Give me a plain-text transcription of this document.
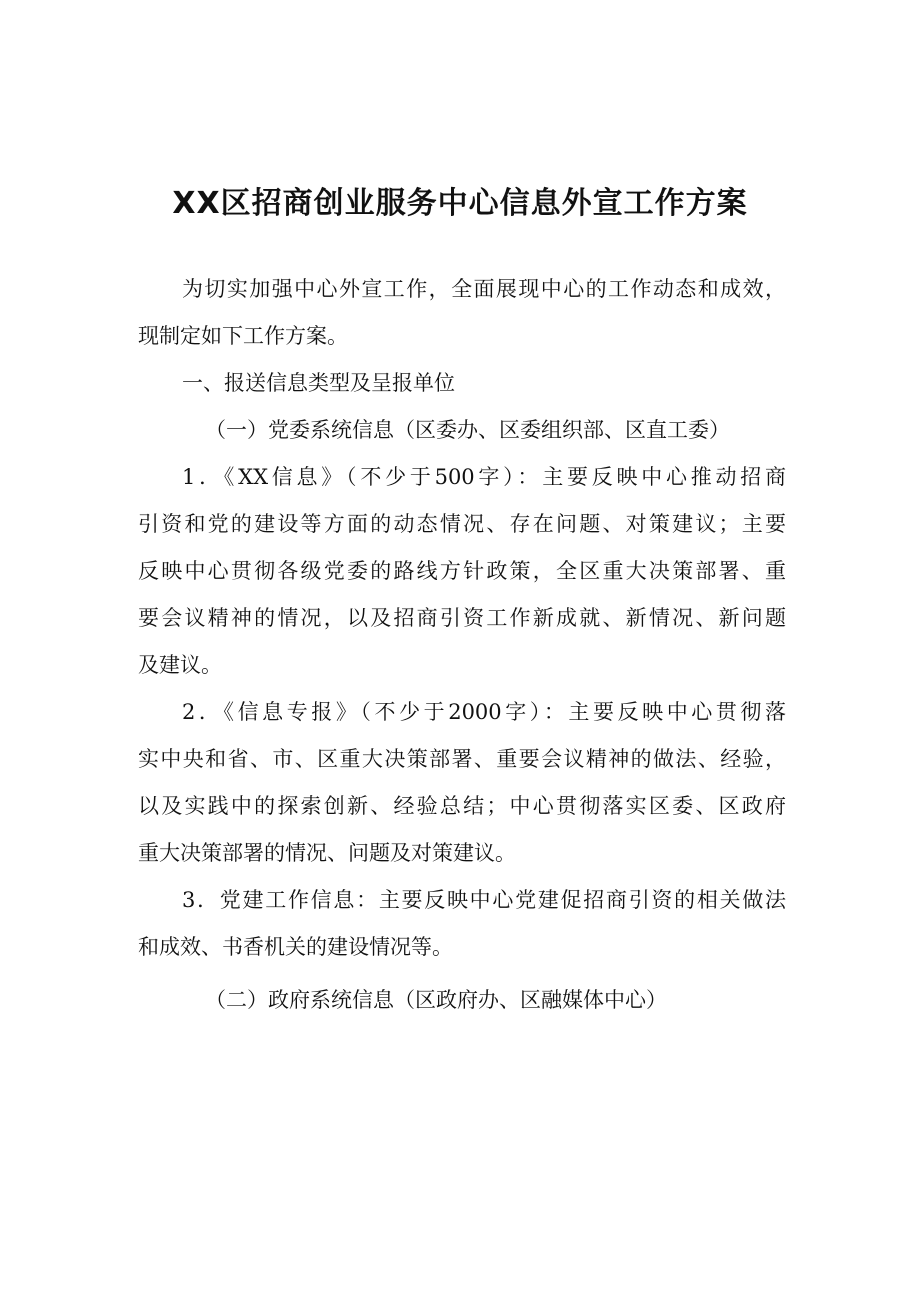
XX区招商创业服务中心信息外宣工作方案

为切实加强中心外宣工作，全面展现中心的工作动态和成效，

现制定如下工作方案。

一、报送信息类型及呈报单位

（一）党委系统信息（区委办、区委组织部、区直工委）

1．《XX信息》（不少于500字）：主要反映中心推动招商

引资和党的建设等方面的动态情况、存在问题、对策建议；主要

反映中心贯彻各级党委的路线方针政策，全区重大决策部署、重

要会议精神的情况，以及招商引资工作新成就、新情况、新问题

及建议。

2．《信息专报》（不少于2000字）：主要反映中心贯彻落

实中央和省、市、区重大决策部署、重要会议精神的做法、经验，

以及实践中的探索创新、经验总结；中心贯彻落实区委、区政府

重大决策部署的情况、问题及对策建议。

3．党建工作信息：主要反映中心党建促招商引资的相关做法

和成效、书香机关的建设情况等。

（二）政府系统信息（区政府办、区融媒体中心）
